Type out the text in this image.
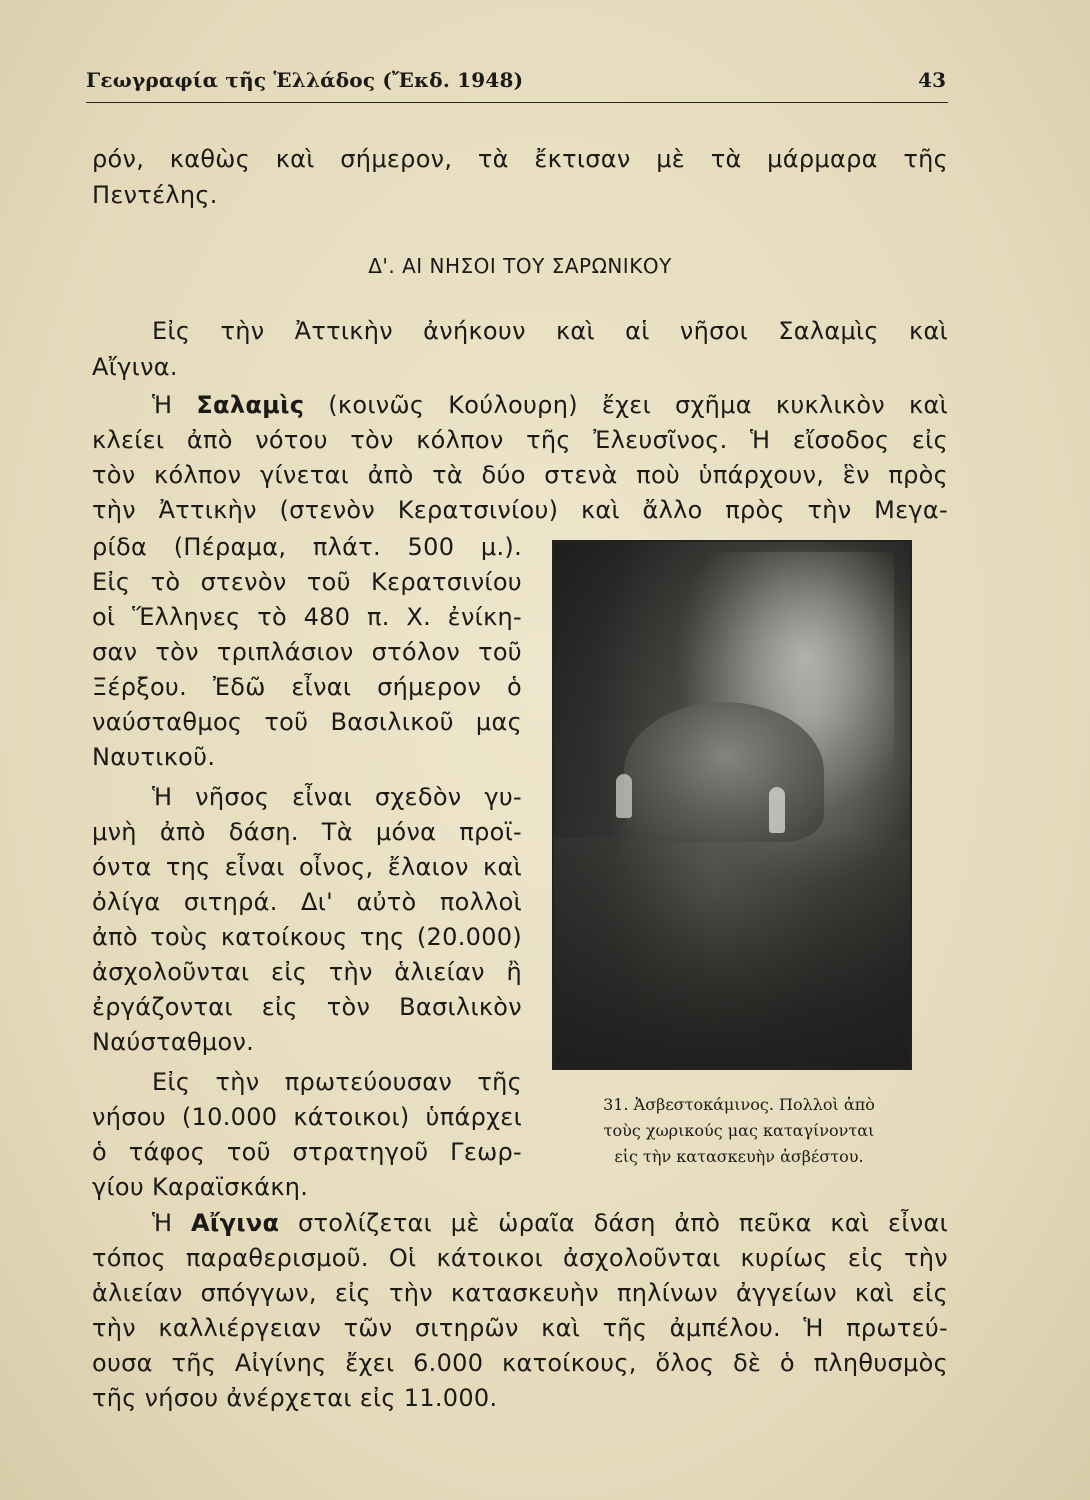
Γεωγραφία τῆς Ἑλλάδος (Ἔκδ. 1948)	43
ρόν, καθὼς καὶ σήμερον, τὰ ἔκτισαν μὲ τὰ μάρμαρα τῆς
Πεντέλης.
Δ'. ΑΙ ΝΗΣΟΙ ΤΟΥ ΣΑΡΩΝΙΚΟΥ
Εἰς τὴν Ἀττικὴν ἀνήκουν καὶ αἱ νῆσοι Σαλαμὶς καὶ
Αἴγινα.
Ἡ Σαλαμὶς (κοινῶς Κούλουρη) ἔχει σχῆμα κυκλικὸν καὶ
κλείει ἀπὸ νότου τὸν κόλπον τῆς Ἐλευσῖνος. Ἡ εἴσοδος εἰς
τὸν κόλπον γίνεται ἀπὸ τὰ δύο στενὰ ποὺ ὑπάρχουν, ἓν πρὸς
τὴν Ἀττικὴν (στενὸν Κερατσινίου) καὶ ἄλλο πρὸς τὴν Μεγα-
ρίδα (Πέραμα, πλάτ. 500 μ.).
Εἰς τὸ στενὸν τοῦ Κερατσινίου
οἱ Ἕλληνες τὸ 480 π. Χ. ἐνίκη-
σαν τὸν τριπλάσιον στόλον τοῦ
Ξέρξου. Ἐδῶ εἶναι σήμερον ὁ
ναύσταθμος τοῦ Βασιλικοῦ μας
Ναυτικοῦ.
Ἡ νῆσος εἶναι σχεδὸν γυ-
μνὴ ἀπὸ δάση. Τὰ μόνα προϊ-
όντα της εἶναι οἶνος, ἔλαιον καὶ
ὀλίγα σιτηρά. Δι' αὐτὸ πολλοὶ
ἀπὸ τοὺς κατοίκους της (20.000)
ἀσχολοῦνται εἰς τὴν ἁλιείαν ἢ
ἐργάζονται εἰς τὸν Βασιλικὸν
Ναύσταθμον.
Εἰς τὴν πρωτεύουσαν τῆς
νήσου (10.000 κάτοικοι) ὑπάρχει
ὁ τάφος τοῦ στρατηγοῦ Γεωρ-
γίου Καραϊσκάκη.
31. Ἀσβεστοκάμινος. Πολλοὶ ἀπὸ
τοὺς χωρικούς μας καταγίνονται
εἰς τὴν κατασκευὴν ἀσβέστου.
Ἡ Αἴγινα στολίζεται μὲ ὡραῖα δάση ἀπὸ πεῦκα καὶ εἶναι
τόπος παραθερισμοῦ. Οἱ κάτοικοι ἀσχολοῦνται κυρίως εἰς τὴν
ἁλιείαν σπόγγων, εἰς τὴν κατασκευὴν πηλίνων ἀγγείων καὶ εἰς
τὴν καλλιέργειαν τῶν σιτηρῶν καὶ τῆς ἀμπέλου. Ἡ πρωτεύ-
ουσα τῆς Αἰγίνης ἔχει 6.000 κατοίκους, ὅλος δὲ ὁ πληθυσμὸς
τῆς νήσου ἀνέρχεται εἰς 11.000.
